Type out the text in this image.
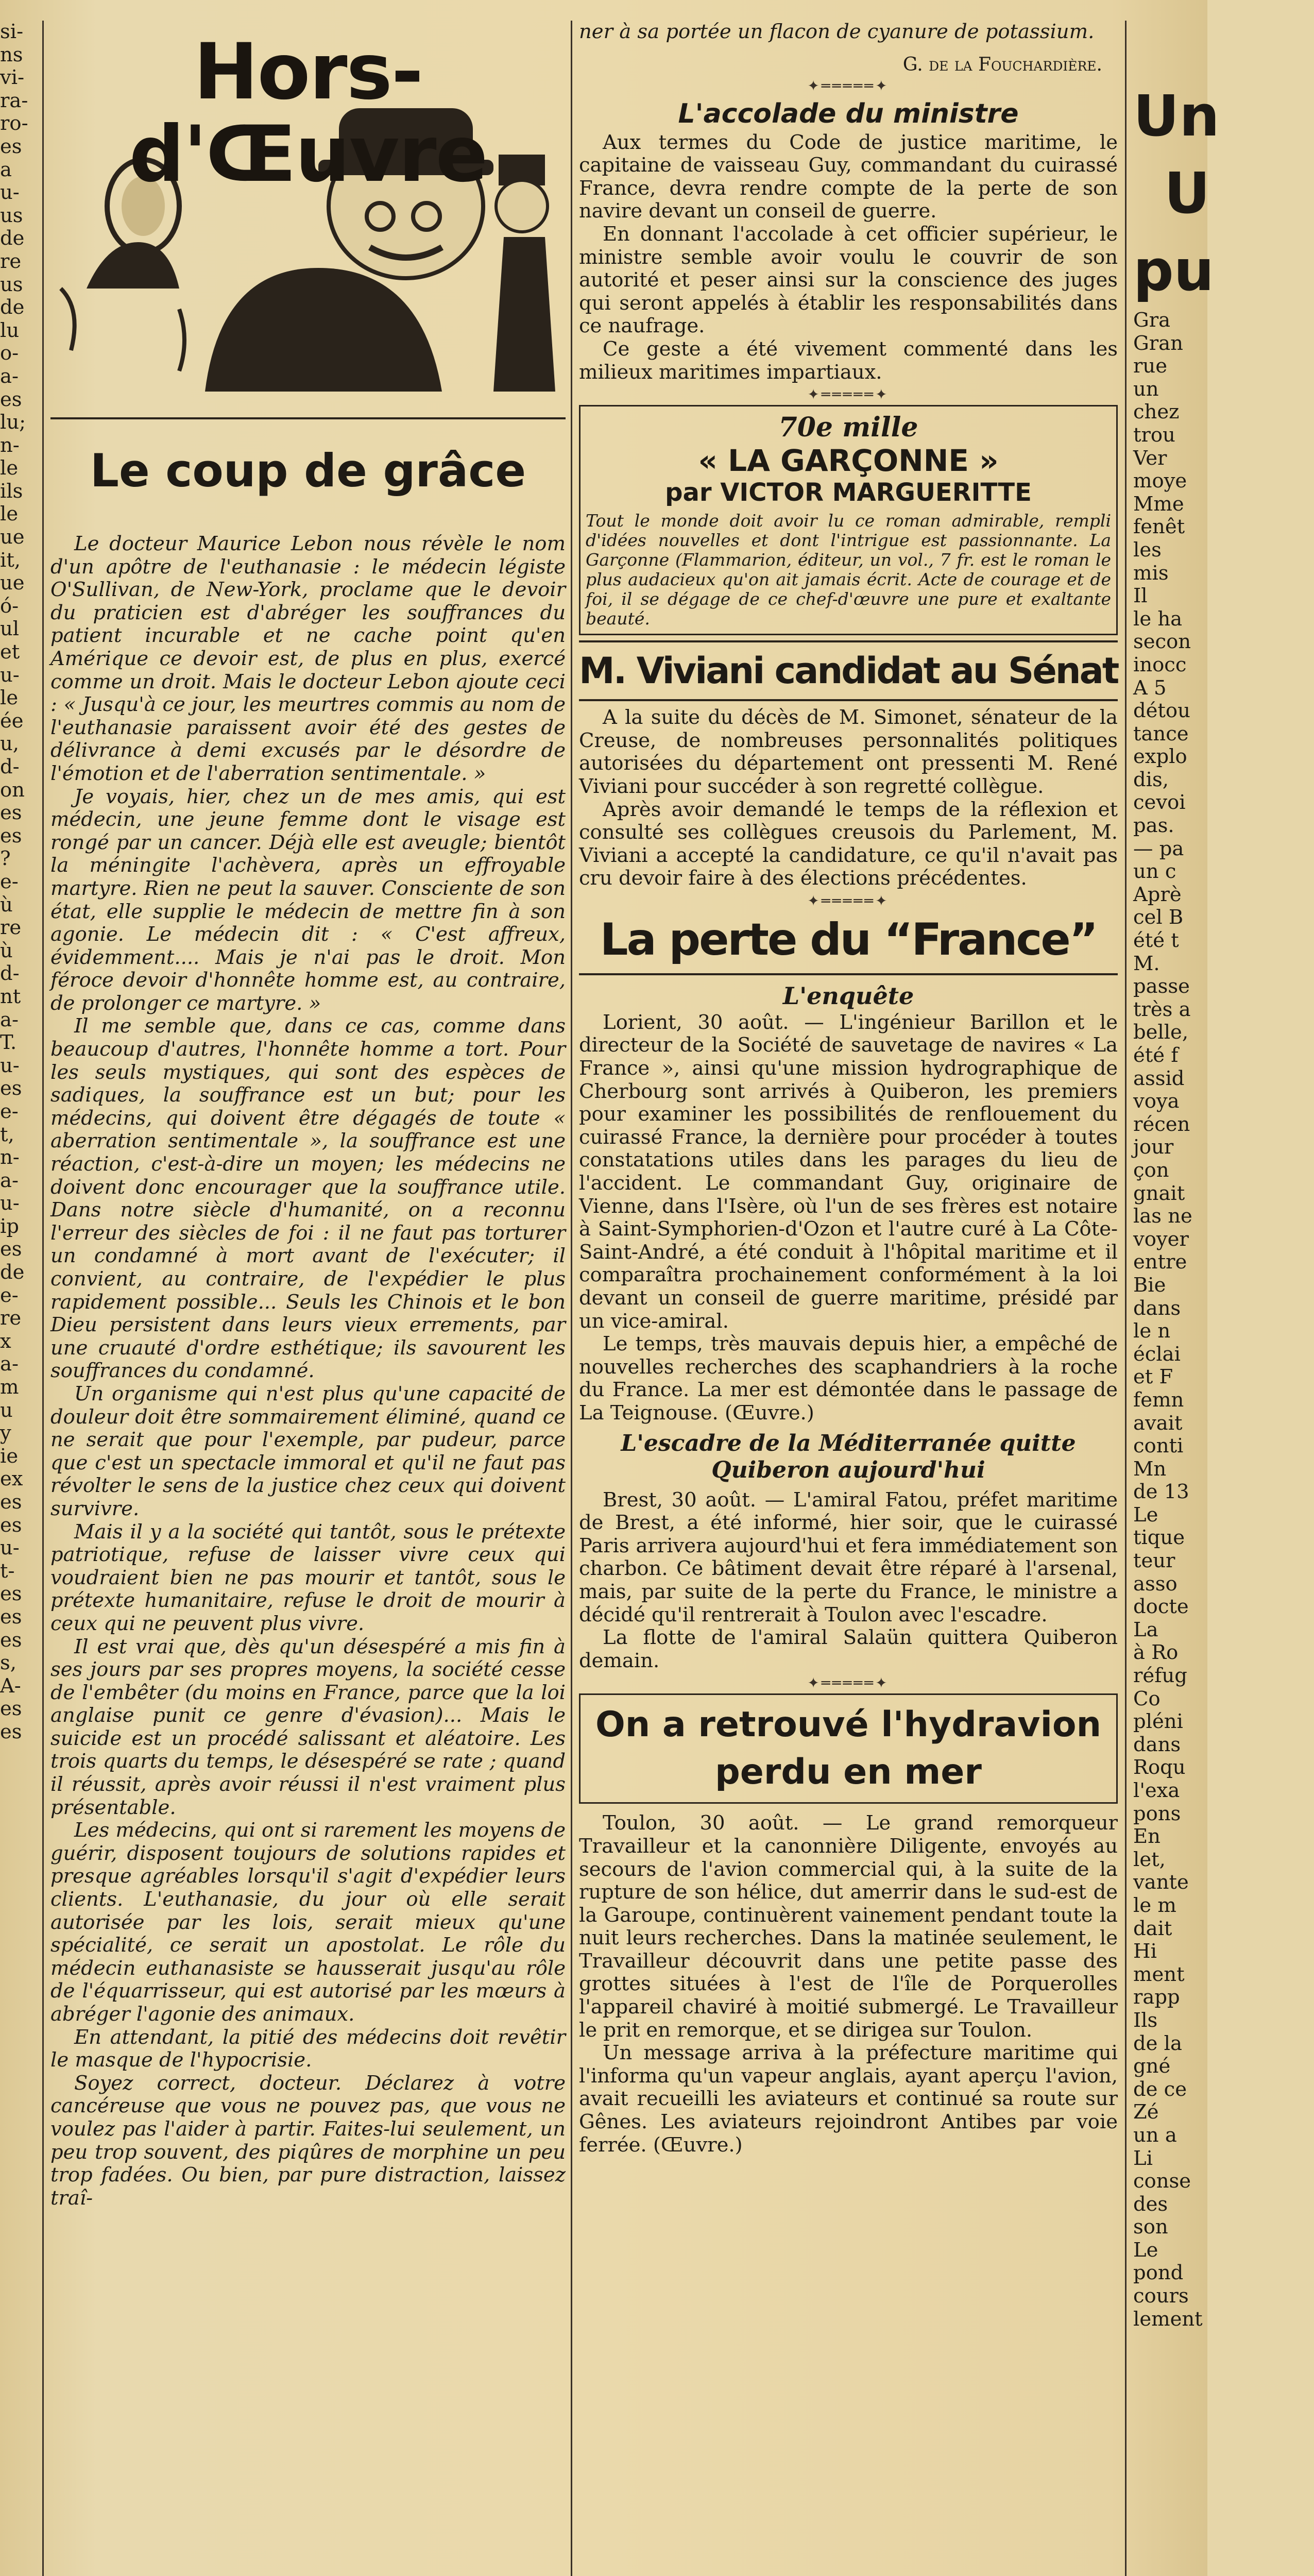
si-
ns
vi-
ra-
ro-
es
a
u-
us
de
re
us
de
lu
o-
a-
es
lu;
n-
le
ils
le
ue
it,
ue
ó-
ul
et
u-
le
ée
u,
d-
on
es
es
?
e-
ù
re
ù
d-
nt
a-
T.
u-
es
e-
t,
n-
a-
u-
ip
es
de
e-
re
x
a-
m
u
y
ie
ex
es
es
u-
t-
es
es
es
s,
A-
es
es
Hors-d'Œuvre
Le coup de grâce

Le docteur Maurice Lebon nous révèle le nom d'un apôtre de l'euthanasie : le médecin légiste O'Sullivan, de New-York, proclame que le devoir du praticien est d'abréger les souffrances du patient incurable et ne cache point qu'en Amérique ce devoir est, de plus en plus, exercé comme un droit. Mais le docteur Lebon ajoute ceci : « Jusqu'à ce jour, les meurtres commis au nom de l'euthanasie paraissent avoir été des gestes de délivrance à demi excusés par le désordre de l'émotion et de l'aberration sentimentale. »

Je voyais, hier, chez un de mes amis, qui est médecin, une jeune femme dont le visage est rongé par un cancer. Déjà elle est aveugle; bientôt la méningite l'achèvera, après un effroyable martyre. Rien ne peut la sauver. Consciente de son état, elle supplie le médecin de mettre fin à son agonie. Le médecin dit : « C'est affreux, évidemment.... Mais je n'ai pas le droit. Mon féroce devoir d'honnête homme est, au contraire, de prolonger ce martyre. »

Il me semble que, dans ce cas, comme dans beaucoup d'autres, l'honnête homme a tort. Pour les seuls mystiques, qui sont des espèces de sadiques, la souffrance est un but; pour les médecins, qui doivent être dégagés de toute « aberration sentimentale », la souffrance est une réaction, c'est-à-dire un moyen; les médecins ne doivent donc encourager que la souffrance utile. Dans notre siècle d'humanité, on a reconnu l'erreur des siècles de foi : il ne faut pas torturer un condamné à mort avant de l'exécuter; il convient, au contraire, de l'expédier le plus rapidement possible... Seuls les Chinois et le bon Dieu persistent dans leurs vieux errements, par une cruauté d'ordre esthétique; ils savourent les souffrances du condamné.

Un organisme qui n'est plus qu'une capacité de douleur doit être sommairement éliminé, quand ce ne serait que pour l'exemple, par pudeur, parce que c'est un spectacle immoral et qu'il ne faut pas révolter le sens de la justice chez ceux qui doivent survivre.

Mais il y a la société qui tantôt, sous le prétexte patriotique, refuse de laisser vivre ceux qui voudraient bien ne pas mourir et tantôt, sous le prétexte humanitaire, refuse le droit de mourir à ceux qui ne peuvent plus vivre.

Il est vrai que, dès qu'un désespéré a mis fin à ses jours par ses propres moyens, la société cesse de l'embêter (du moins en France, parce que la loi anglaise punit ce genre d'évasion)... Mais le suicide est un procédé salissant et aléatoire. Les trois quarts du temps, le désespéré se rate ; quand il réussit, après avoir réussi il n'est vraiment plus présentable.

Les médecins, qui ont si rarement les moyens de guérir, disposent toujours de solutions rapides et presque agréables lorsqu'il s'agit d'expédier leurs clients. L'euthanasie, du jour où elle serait autorisée par les lois, serait mieux qu'une spécialité, ce serait un apostolat. Le rôle du médecin euthanasiste se hausserait jusqu'au rôle de l'équarrisseur, qui est autorisé par les mœurs à abréger l'agonie des animaux.

En attendant, la pitié des médecins doit revêtir le masque de l'hypocrisie.

Soyez correct, docteur. Déclarez à votre cancéreuse que vous ne pouvez pas, que vous ne voulez pas l'aider à partir. Faites-lui seulement, un peu trop souvent, des piqûres de morphine un peu trop fadées. Ou bien, par pure distraction, laissez traî-

ner à sa portée un flacon de cyanure de potassium.

G. de la Fouchardière.

✦═════✦
L'accolade du ministre

Aux termes du Code de justice maritime, le capitaine de vaisseau Guy, commandant du cuirassé France, devra rendre compte de la perte de son navire devant un conseil de guerre.

En donnant l'accolade à cet officier supérieur, le ministre semble avoir voulu le couvrir de son autorité et peser ainsi sur la conscience des juges qui seront appelés à établir les responsabilités dans ce naufrage.

Ce geste a été vivement commenté dans les milieux maritimes impartiaux.

✦═════✦
70e mille
« LA GARÇONNE »
par VICTOR MARGUERITTE

Tout le monde doit avoir lu ce roman admirable, rempli d'idées nouvelles et dont l'intrigue est passionnante. La Garçonne (Flammarion, éditeur, un vol., 7 fr. est le roman le plus audacieux qu'on ait jamais écrit. Acte de courage et de foi, il se dégage de ce chef-d'œuvre une pure et exaltante beauté.

M. Viviani candidat au Sénat

A la suite du décès de M. Simonet, sénateur de la Creuse, de nombreuses personnalités politiques autorisées du département ont pressenti M. René Viviani pour succéder à son regretté collègue.

Après avoir demandé le temps de la réflexion et consulté ses collègues creusois du Parlement, M. Viviani a accepté la candidature, ce qu'il n'avait pas cru devoir faire à des élections précédentes.

✦═════✦
La perte du “France”
L'enquête

Lorient, 30 août. — L'ingénieur Barillon et le directeur de la Société de sauvetage de navires « La France », ainsi qu'une mission hydrographique de Cherbourg sont arrivés à Quiberon, les premiers pour examiner les possibilités de renflouement du cuirassé France, la dernière pour procéder à toutes constatations utiles dans les parages du lieu de l'accident. Le commandant Guy, originaire de Vienne, dans l'Isère, où l'un de ses frères est notaire à Saint-Symphorien-d'Ozon et l'autre curé à La Côte-Saint-André, a été conduit à l'hôpital maritime et il comparaîtra prochainement conformément à la loi devant un conseil de guerre maritime, présidé par un vice-amiral.

Le temps, très mauvais depuis hier, a empêché de nouvelles recherches des scaphandriers à la roche du France. La mer est démontée dans le passage de La Teignouse. (Œuvre.)

L'escadre de la Méditerranée quitte Quiberon aujourd'hui

Brest, 30 août. — L'amiral Fatou, préfet maritime de Brest, a été informé, hier soir, que le cuirassé Paris arrivera aujourd'hui et fera immédiatement son charbon. Ce bâtiment devait être réparé à l'arsenal, mais, par suite de la perte du France, le ministre a décidé qu'il rentrerait à Toulon avec l'escadre.

La flotte de l'amiral Salaün quittera Quiberon demain.

✦═════✦
On a retrouvé l'hydravion perdu en mer

Toulon, 30 août. — Le grand remorqueur Travailleur et la canonnière Diligente, envoyés au secours de l'avion commercial qui, à la suite de la rupture de son hélice, dut amerrir dans le sud-est de la Garoupe, continuèrent vainement pendant toute la nuit leurs recherches. Dans la matinée seulement, le Travailleur découvrit dans une petite passe des grottes situées à l'est de l'île de Porquerolles l'appareil chaviré à moitié submergé. Le Travailleur le prit en remorque, et se dirigea sur Toulon.

Un message arriva à la préfecture maritime qui l'informa qu'un vapeur anglais, ayant aperçu l'avion, avait recueilli les aviateurs et continué sa route sur Gênes. Les aviateurs rejoindront Antibes par voie ferrée. (Œuvre.)

Un
U
pu
Gra
Gran
rue
un
chez
trou
Ver
moye
Mme
fenêt
les
mis
Il
le ha
secon
inocc
A 5
détou
tance
explo
dis,
cevoi
pas.
— pa
un c
Aprè
cel B
été t
M.
passe
très a
belle,
été f
assid
voya
récen
jour
çon
gnait
las ne
voyer
entre
Bie
dans
le n
éclai
et F
femn
avait
conti
Mn
de 13
Le
tique
teur
asso
docte
La
à Ro
réfug
Co
pléni
dans
Roqu
l'exa
pons
En
let,
vante
le m
dait
Hi
ment
rapp
Ils
de la
gné
de ce
Zé
un a
Li
conse
des
son
Le
pond
cours
lement
